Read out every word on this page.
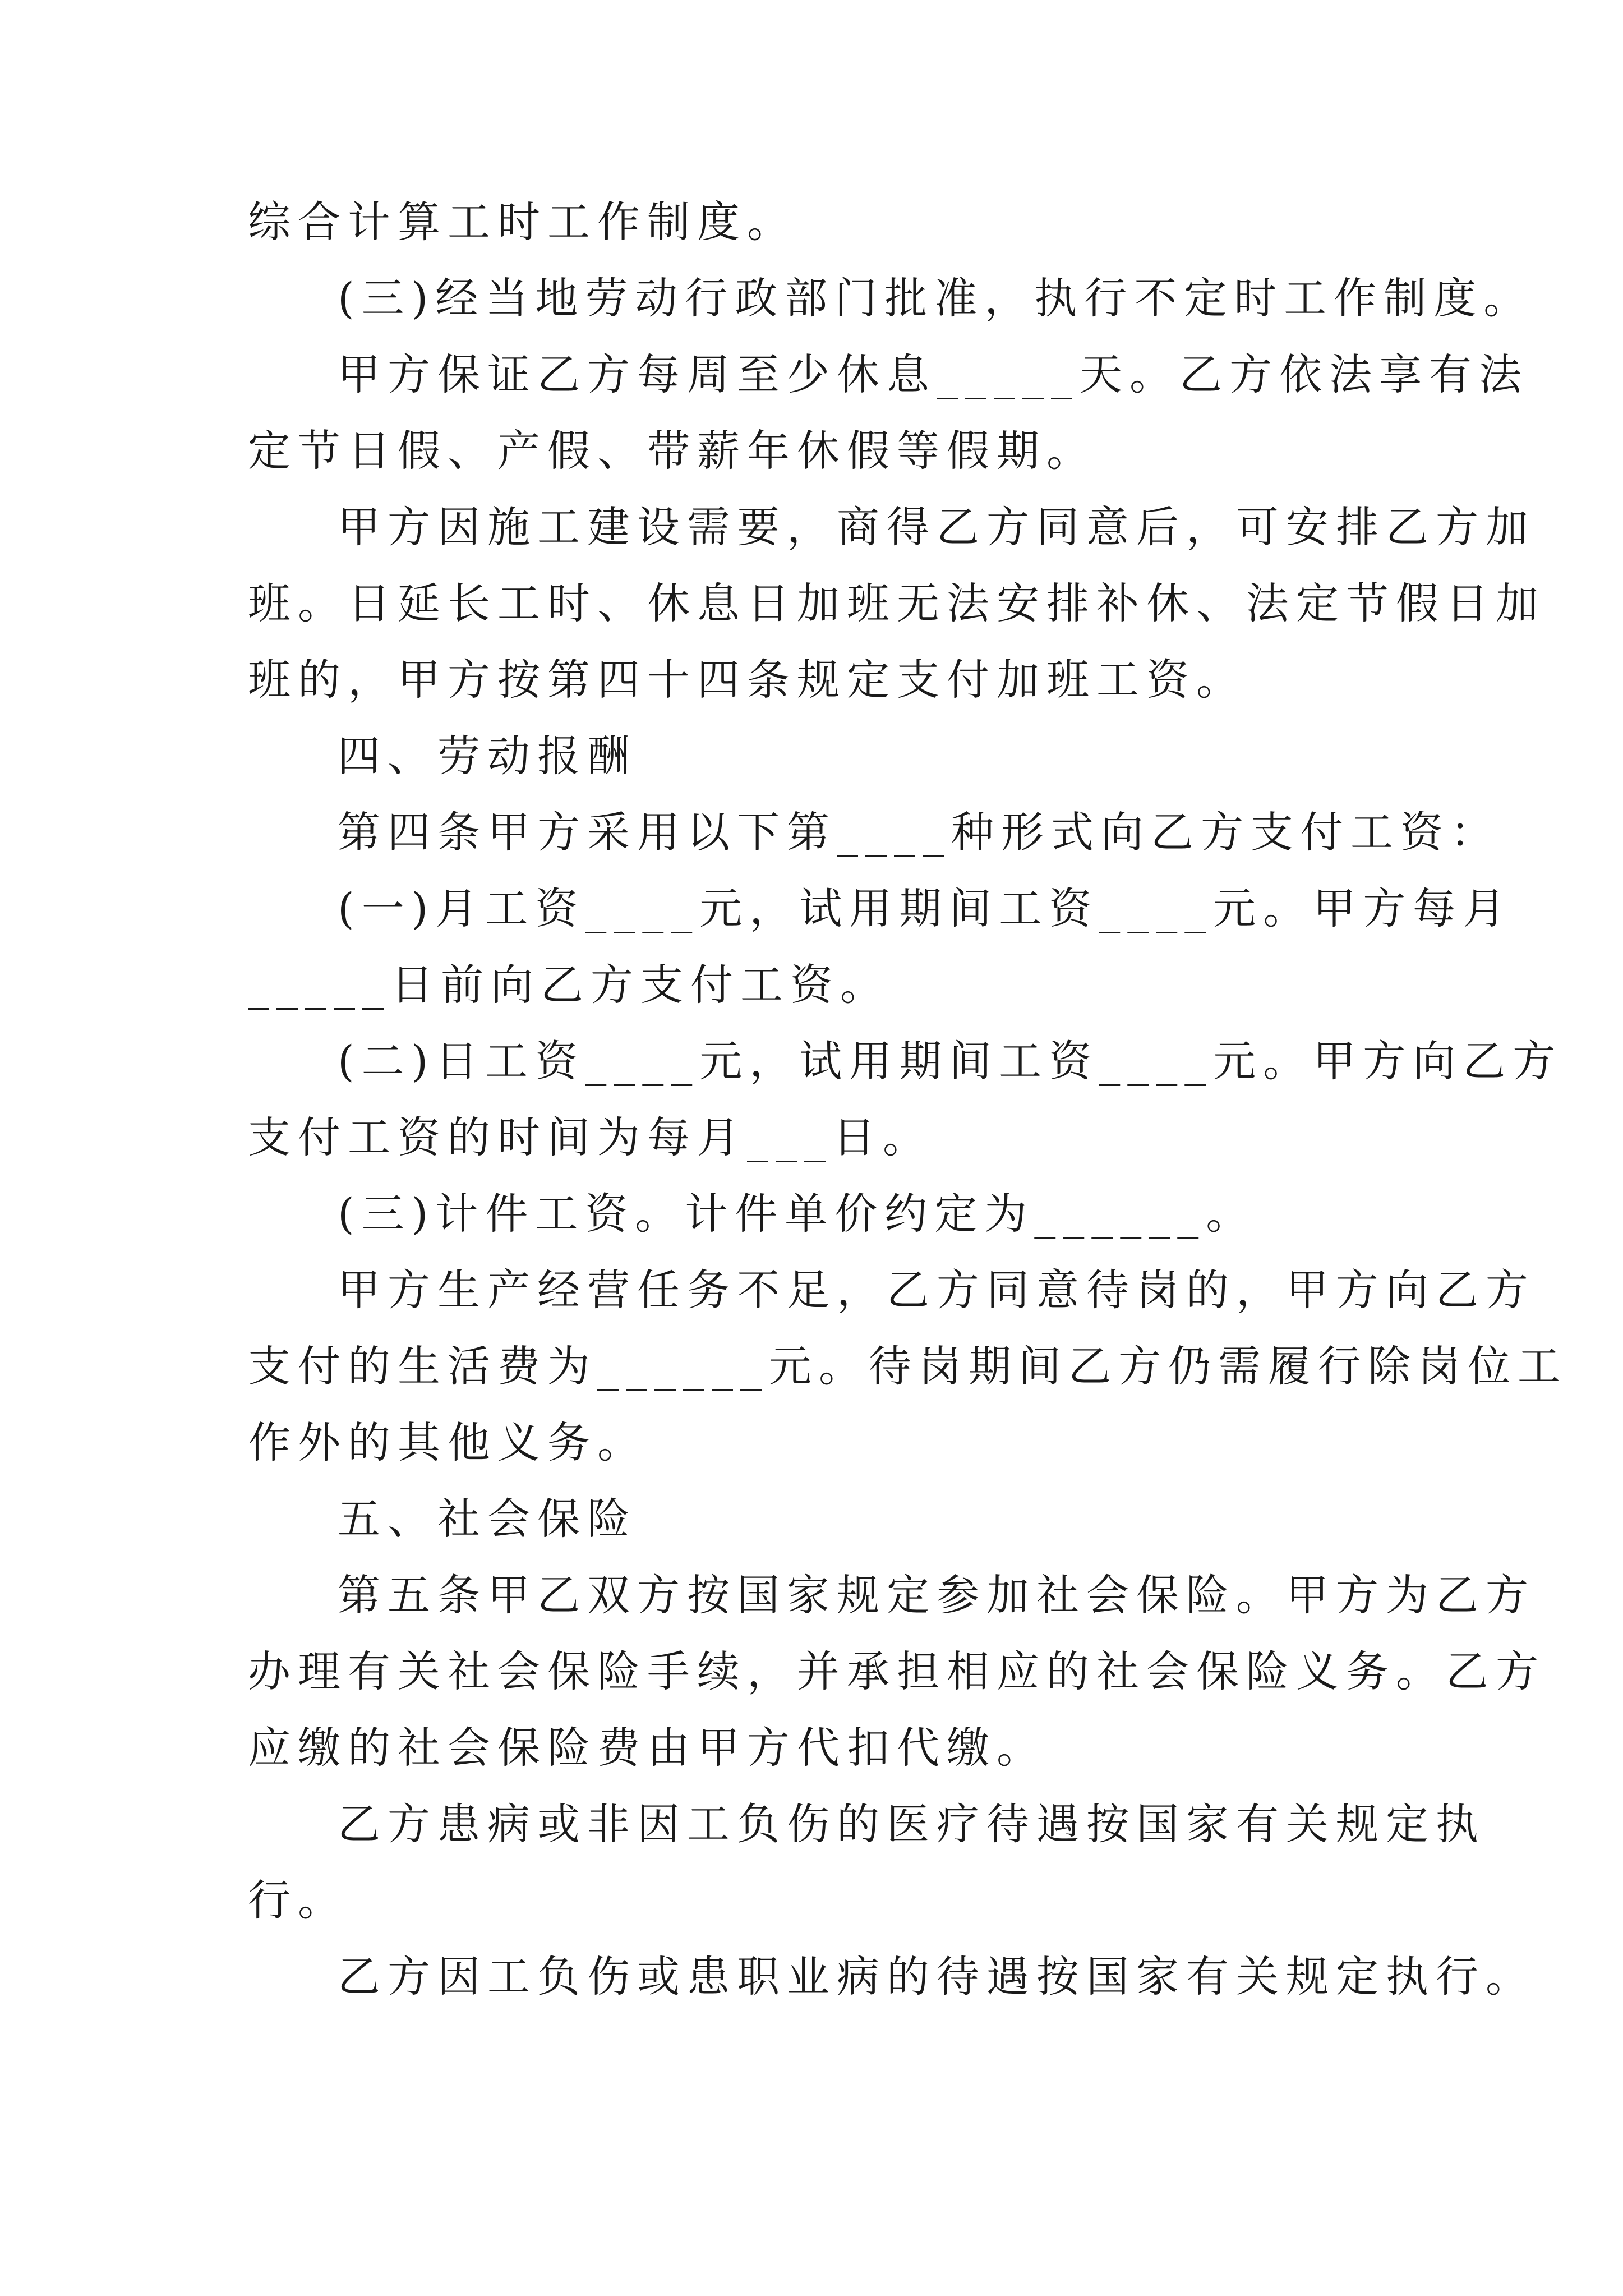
综合计算工时工作制度。
(三)经当地劳动行政部门批准，执行不定时工作制度。
甲方保证乙方每周至少休息_____天。乙方依法享有法
定节日假、产假、带薪年休假等假期。
甲方因施工建设需要，商得乙方同意后，可安排乙方加
班。日延长工时、休息日加班无法安排补休、法定节假日加
班的，甲方按第四十四条规定支付加班工资。
四、劳动报酬
第四条甲方采用以下第____种形式向乙方支付工资：
(一)月工资____元，试用期间工资____元。甲方每月
_____日前向乙方支付工资。
(二)日工资____元，试用期间工资____元。甲方向乙方
支付工资的时间为每月___日。
(三)计件工资。计件单价约定为______。
甲方生产经营任务不足，乙方同意待岗的，甲方向乙方
支付的生活费为______元。待岗期间乙方仍需履行除岗位工
作外的其他义务。
五、社会保险
第五条甲乙双方按国家规定参加社会保险。甲方为乙方
办理有关社会保险手续，并承担相应的社会保险义务。乙方
应缴的社会保险费由甲方代扣代缴。
乙方患病或非因工负伤的医疗待遇按国家有关规定执
行。
乙方因工负伤或患职业病的待遇按国家有关规定执行。
